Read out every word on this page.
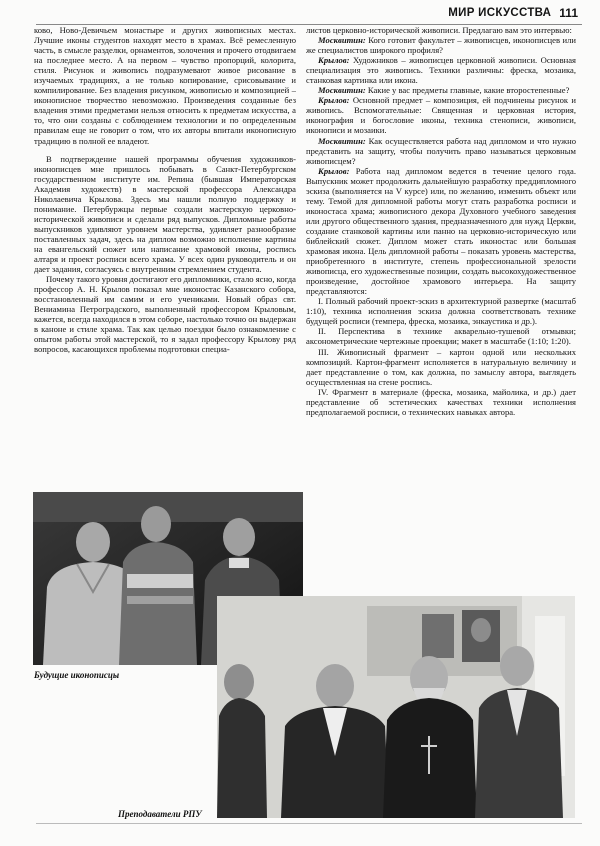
МИР ИСКУССТВА 111

ково, Ново-Девичьем монастыре и других живописных местах. Лучшие иконы студентов находят место в храмах. Всё ремесленную часть, в смысле разделки, орнаментов, золочения и прочего отодвигаем на последнее место. А на первом – чувство пропорций, колорита, стиля. Рисунок и живопись подразумевают живое рисование в изучаемых традициях, а не только копирование, срисовывание и компилирование. Без владения рисунком, живописью и композицией – иконописное творчество невозможно. Произведения созданные без владения этими предметами нельзя относить к предметам искусства, а то, что они созданы с соблюдением технологии и по определенным правилам еще не говорит о том, что их авторы впитали иконописную традицию в полной ее владеют.

В подтверждение нашей программы обучения художников-иконописцев мне пришлось побывать в Санкт-Петербургском государственном институте им. Репина (бывшая Императорская Академия художеств) в мастерской профессора Александра Николаевича Крылова. Здесь мы нашли полную поддержку и понимание. Петербуржцы первые создали мастерскую церковно-исторической живописи и сделали ряд выпусков. Дипломные работы выпускников удивляют уровнем мастерства, удивляет разнообразие поставленных задач, здесь на диплом возможно исполнение картины на евангельский сюжет или написание храмовой иконы, роспись алтаря и проект росписи всего храма. У всех один руководитель и он дает задания, согласуясь с внутренним стремлением студента.

Почему такого уровня достигают его дипломники, стало ясно, когда профессор А. Н. Крылов показал мне иконостас Казанского собора, восстановленный им самим и его учениками. Новый образ свт. Вениамина Петроградского, выполненный профессором Крыловым, кажется, всегда находился в этом соборе, настолько точно он выдержан в каноне и стиле храма. Так как целью поездки было ознакомление с опытом работы этой мастерской, то я задал профессору Крылову ряд вопросов, касающихся проблемы подготовки специа-

листов церковно-исторической живописи. Предлагаю вам это интервью:

Москвитин: Кого готовит факультет – живописцев, иконописцев или же специалистов широкого профиля?

Крылов: Художников – живописцев церковной живописи. Основная специализация это живопись. Техники различны: фреска, мозаика, станковая картинка или икона.

Москвитин: Какие у вас предметы главные, какие второстепенные?

Крылов: Основной предмет – композиция, ей подчинены рисунок и живопись. Вспомогательные: Священная и церковная история, иконография и богословие иконы, техника стенописи, живописи, иконописи и мозаики.

Москвитин: Как осуществляется работа над дипломом и что нужно представить на защиту, чтобы получить право называться церковным живописцем?

Крылов: Работа над дипломом ведется в течение целого года. Выпускник может продолжить дальнейшую разработку преддипломного эскиза (выполняется на V курсе) или, по желанию, изменить объект или тему. Темой для дипломной работы могут стать разработка росписи и иконостаса храма; живописного декора Духовного учебного заведения или другого общественного здания, предназначенного для нужд Церкви, создание станковой картины или панно на церковно-историческую или библейский сюжет. Диплом может стать иконостас или большая храмовая икона. Цель дипломной работы – показать уровень мастерства, приобретенного в институте, степень профессиональной зрелости живописца, его художественные позиции, создать высокохудожественное произведение, достойное храмового интерьера. На защиту представляются:

I. Полный рабочий проект-эскиз в архитектурной развертке (масштаб 1:10), техника исполнения эскиза должна соответствовать технике будущей росписи (темпера, фреска, мозаика, энкаустика и др.).

II. Перспектива в технике акварельно-тушевой отмывки; аксонометрические чертежные проекции; макет в масштабе (1:10; 1:20).

III. Живописный фрагмент – картон одной или нескольких композиций. Картон-фрагмент исполняется в натуральную величину и дает представление о том, как должна, по замыслу автора, выглядеть осуществленная на стене роспись.

IV. Фрагмент в материале (фреска, мозаика, майолика, и др.) дает представление об эстетических качествах техники исполнения предполагаемой росписи, о технических навыках автора.

Будущие иконописцы
Преподаватели РПУ
